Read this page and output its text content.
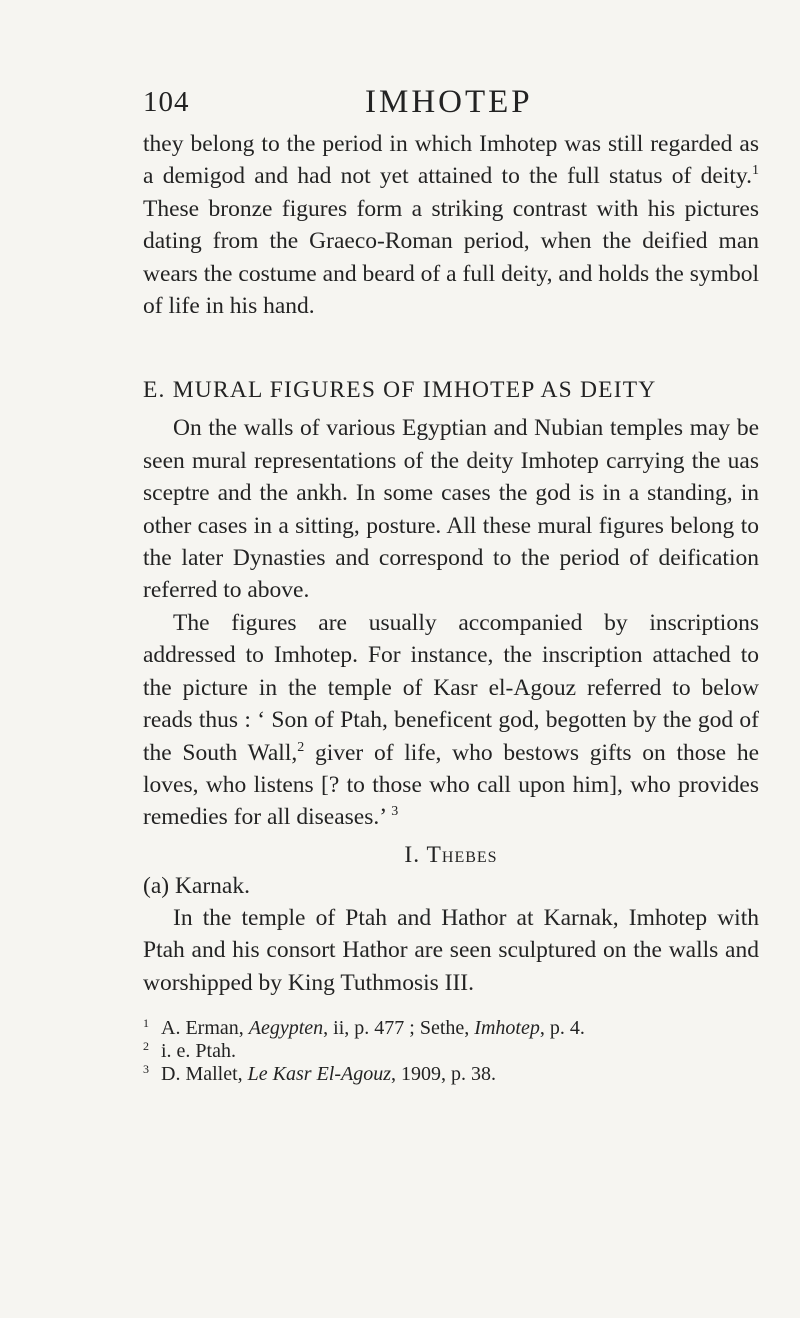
104	IMHOTEP

they belong to the period in which Imhotep was still regarded as a demigod and had not yet attained to the full status of deity.$^1$ These bronze figures form a striking contrast with his pictures dating from the Graeco-Roman period, when the deified man wears the costume and beard of a full deity, and holds the symbol of life in his hand.

E. MURAL FIGURES OF IMHOTEP AS DEITY

On the walls of various Egyptian and Nubian temples may be seen mural representations of the deity Imhotep carrying the uas sceptre and the ankh. In some cases the god is in a standing, in other cases in a sitting, posture. All these mural figures belong to the later Dynasties and correspond to the period of deification referred to above.

The figures are usually accompanied by inscriptions addressed to Imhotep. For instance, the inscription attached to the picture in the temple of Kasr el-Agouz referred to below reads thus : ‘ Son of Ptah, beneficent god, begotten by the god of the South Wall,$^2$ giver of life, who bestows gifts on those he loves, who listens [? to those who call upon him], who provides remedies for all diseases.’ $^3$

I. Thebes

(a) Karnak.

In the temple of Ptah and Hathor at Karnak, Imhotep with Ptah and his consort Hathor are seen sculptured on the walls and worshipped by King Tuthmosis III.

$^1$ A. Erman, Aegypten, ii, p. 477 ; Sethe, Imhotep, p. 4.

$^2$ i. e. Ptah.

$^3$ D. Mallet, Le Kasr El-Agouz, 1909, p. 38.
